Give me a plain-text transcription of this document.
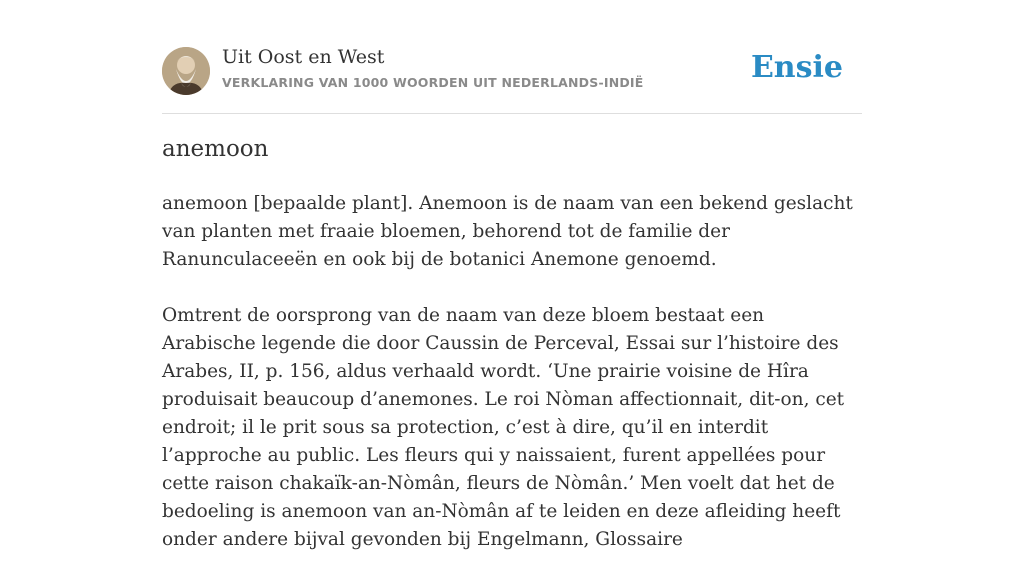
Uit Oost en West
VERKLARING VAN 1000 WOORDEN UIT NEDERLANDS-INDIË	Ensie
anemoon

anemoon [bepaalde plant]. Anemoon is de naam van een bekend geslacht van planten met fraaie bloemen, behorend tot de familie der Ranunculaceeën en ook bij de botanici Anemone genoemd.

Omtrent de oorsprong van de naam van deze bloem bestaat een Arabische legende die door Caussin de Perceval, Essai sur l’histoire des Arabes, II, p. 156, aldus verhaald wordt. ‘Une prairie voisine de Hîra produisait beaucoup d’anemones. Le roi Nòman affectionnait, dit-on, cet endroit; il le prit sous sa protection, c’est à dire, qu’il en interdit l’approche au public. Les fleurs qui y naissaient, furent appellées pour cette raison chakaïk-an-Nòmân, fleurs de Nòmân.’ Men voelt dat het de bedoeling is anemoon van an-Nòmân af te leiden en deze afleiding heeft onder andere bijval gevonden bij Engelmann, Glossaire
